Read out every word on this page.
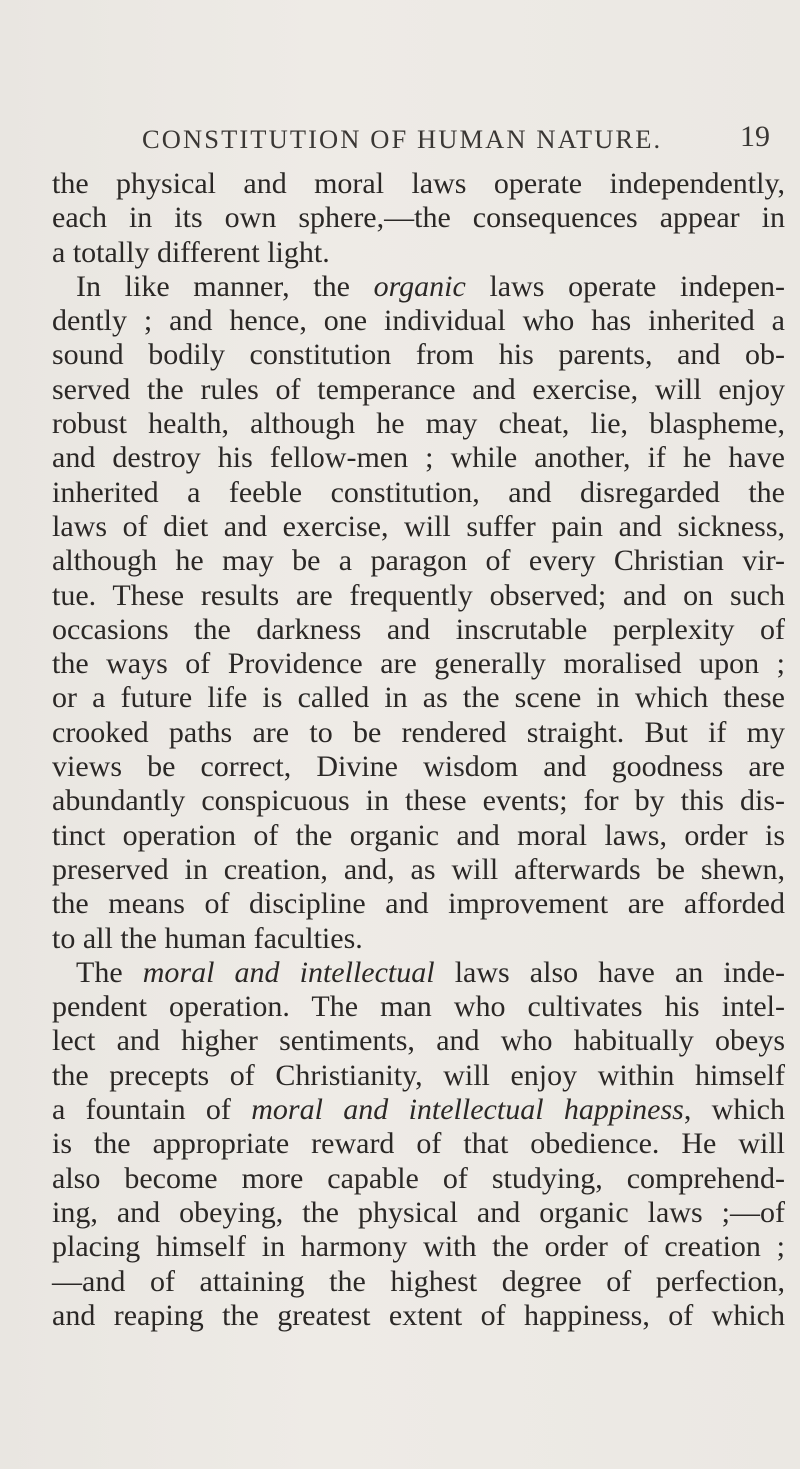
CONSTITUTION OF HUMAN NATURE.	19
the physical and moral laws operate independently,
each in its own sphere,—the consequences appear in
a totally different light.
In like manner, the organic laws operate indepen-
dently ; and hence, one individual who has inherited a
sound bodily constitution from his parents, and ob-
served the rules of temperance and exercise, will enjoy
robust health, although he may cheat, lie, blaspheme,
and destroy his fellow-men ; while another, if he have
inherited a feeble constitution, and disregarded the
laws of diet and exercise, will suffer pain and sickness,
although he may be a paragon of every Christian vir-
tue. These results are frequently observed; and on such
occasions the darkness and inscrutable perplexity of
the ways of Providence are generally moralised upon ;
or a future life is called in as the scene in which these
crooked paths are to be rendered straight. But if my
views be correct, Divine wisdom and goodness are
abundantly conspicuous in these events; for by this dis-
tinct operation of the organic and moral laws, order is
preserved in creation, and, as will afterwards be shewn,
the means of discipline and improvement are afforded
to all the human faculties.
The moral and intellectual laws also have an inde-
pendent operation. The man who cultivates his intel-
lect and higher sentiments, and who habitually obeys
the precepts of Christianity, will enjoy within himself
a fountain of moral and intellectual happiness, which
is the appropriate reward of that obedience. He will
also become more capable of studying, comprehend-
ing, and obeying, the physical and organic laws ;—of
placing himself in harmony with the order of creation ;
—and of attaining the highest degree of perfection,
and reaping the greatest extent of happiness, of which
